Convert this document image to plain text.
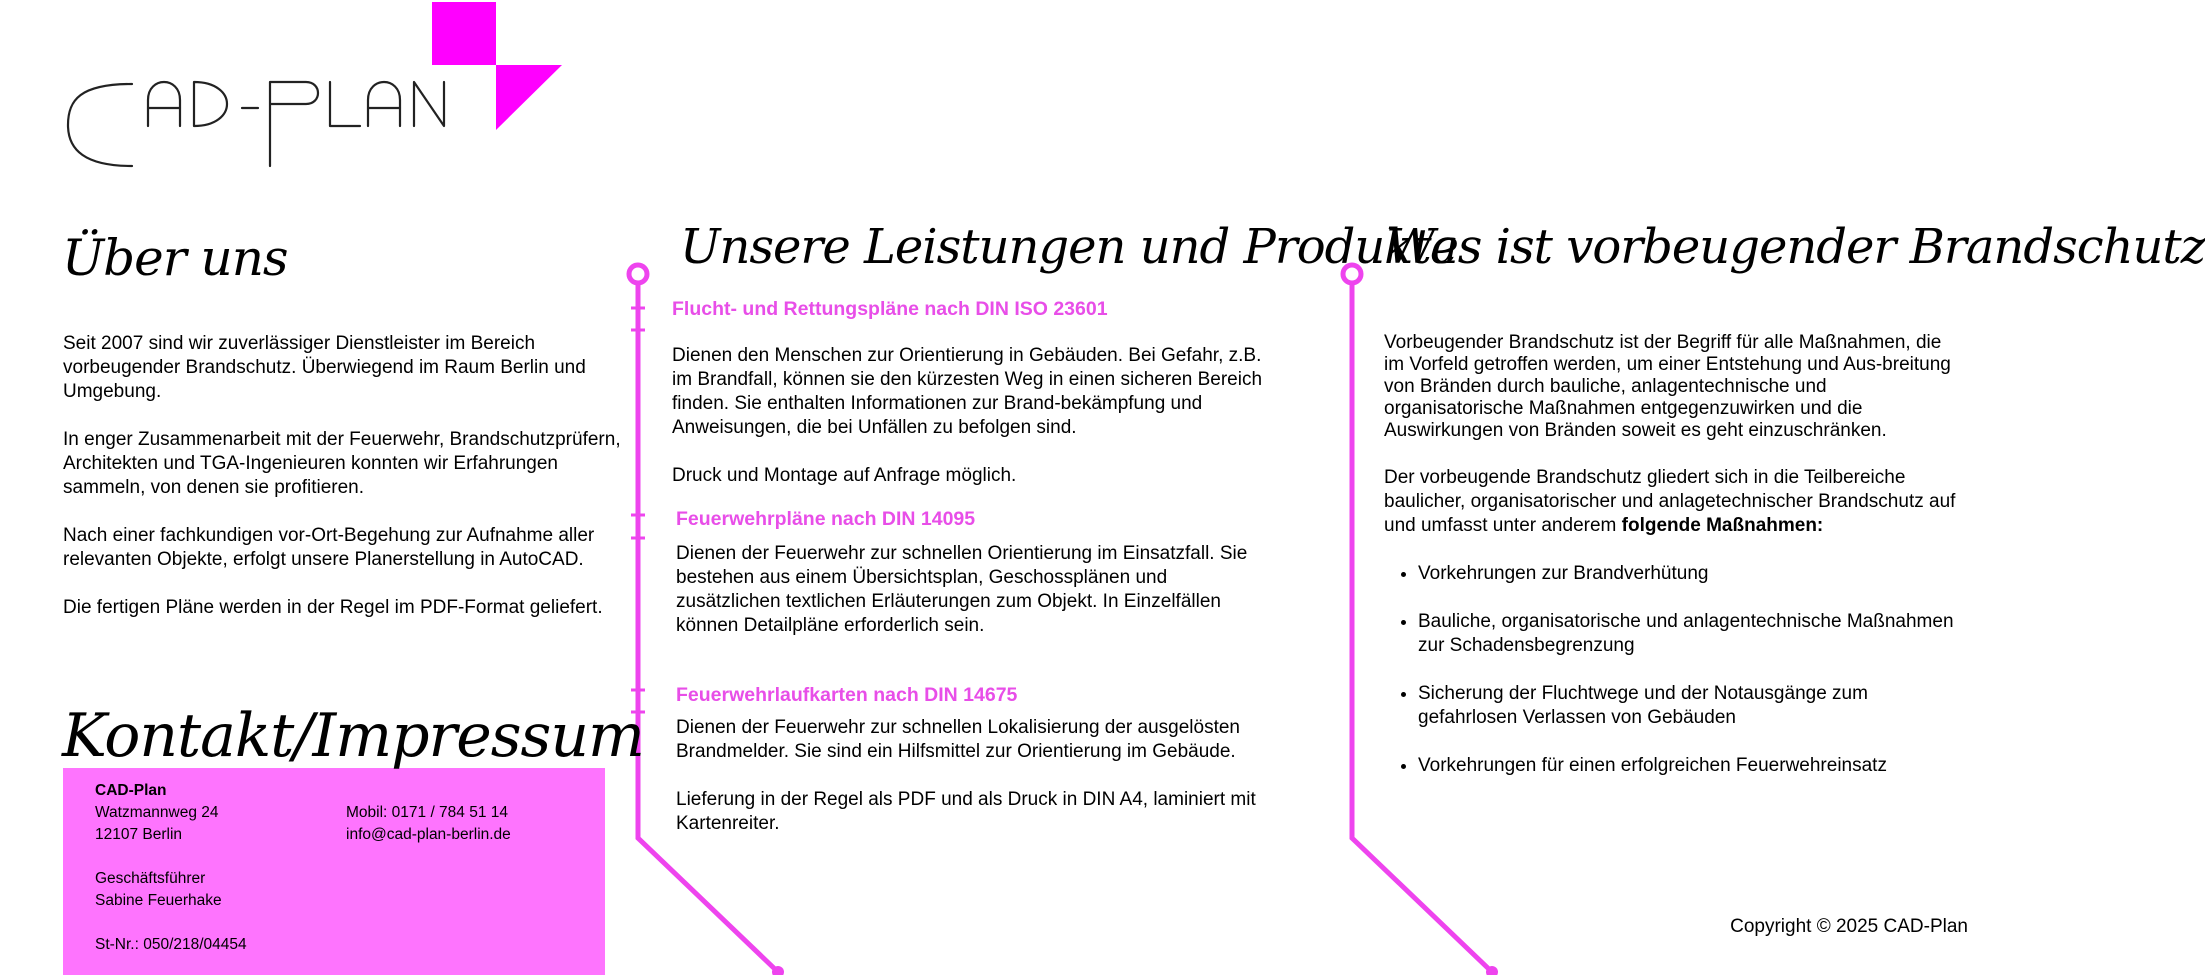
Über uns

Seit 2007 sind wir zuverlässiger Dienstleister im Bereich vorbeugender Brandschutz. Überwiegend im Raum Berlin und Umgebung.

In enger Zusammenarbeit mit der Feuerwehr, Brandschutzprüfern, Architekten und TGA-Ingenieuren konnten wir Erfahrungen sammeln, von denen sie profitieren.

Nach einer fachkundigen vor-Ort-Begehung zur Aufnahme aller relevanten Objekte, erfolgt unsere Planerstellung in AutoCAD.

Die fertigen Pläne werden in der Regel im PDF-Format geliefert.

CAD-Plan
Watzmannweg 24
12107 Berlin
Geschäftsführer
Sabine Feuerhake
St-Nr.: 050/218/04454
Mobil: 0171 / 784 51 14
info@cad-plan-berlin.de
Kontakt/Impressum
Unsere Leistungen und Produkte
Flucht- und Rettungspläne nach DIN ISO 23601

Dienen den Menschen zur Orientierung in Gebäuden. Bei Gefahr, z.B. im Brandfall, können sie den kürzesten Weg in einen sicheren Bereich finden. Sie enthalten Informationen zur Brand-bekämpfung und Anweisungen, die bei Unfällen zu befolgen sind.

Druck und Montage auf Anfrage möglich.

Feuerwehrpläne nach DIN 14095

Dienen der Feuerwehr zur schnellen Orientierung im Einsatzfall. Sie bestehen aus einem Übersichtsplan, Geschossplänen und zusätzlichen textlichen Erläuterungen zum Objekt. In Einzelfällen können Detailpläne erforderlich sein.

Feuerwehrlaufkarten nach DIN 14675

Dienen der Feuerwehr zur schnellen Lokalisierung der ausgelösten Brandmelder. Sie sind ein Hilfsmittel zur Orientierung im Gebäude.

Lieferung in der Regel als PDF und als Druck in DIN A4, laminiert mit Kartenreiter.

Was ist vorbeugender Brandschutz

Vorbeugender Brandschutz ist der Begriff für alle Maßnahmen, die im Vorfeld getroffen werden, um einer Entstehung und Aus-breitung von Bränden durch bauliche, anlagentechnische und organisatorische Maßnahmen entgegenzuwirken und die Auswirkungen von Bränden soweit es geht einzuschränken.

Der vorbeugende Brandschutz gliedert sich in die Teilbereiche baulicher, organisatorischer und anlagetechnischer Brandschutz auf und umfasst unter anderem folgende Maßnahmen:

• Vorkehrungen zur Brandverhütung
• Bauliche, organisatorische und anlagentechnische Maßnahmen zur Schadensbegrenzung
• Sicherung der Fluchtwege und der Notausgänge zum gefahrlosen Verlassen von Gebäuden
• Vorkehrungen für einen erfolgreichen Feuerwehreinsatz
Copyright © 2025 CAD-Plan
